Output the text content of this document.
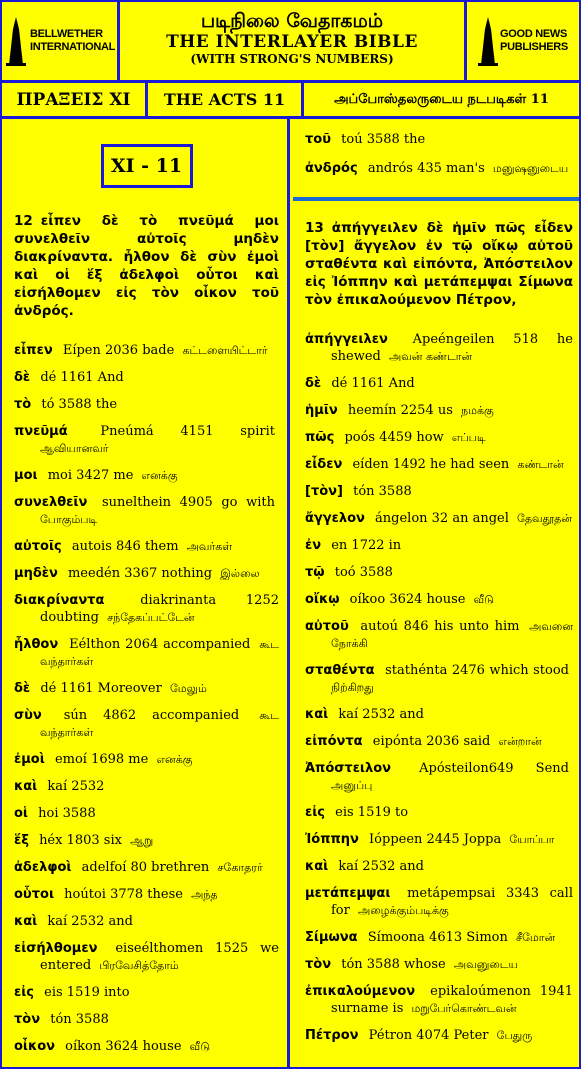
BELLWETHER
INTERNATIONAL
படிநிலை வேதாகமம்
THE INTERLAYER BIBLE
(WITH STRONG'S NUMBERS)
GOOD NEWS
PUBLISHERS
ΠΡΑΞΕΙΣ XI	THE ACTS 11	அப்போஸ்தலருடைய நடபடிகள் 11
XI - 11
12 εἶπεν δὲ τὸ πνεῦμά μοι συνελθεῖν αὐτοῖς μηδὲν διακρίναντα. ἦλθον δὲ σὺν ἐμοὶ καὶ οἱ ἕξ ἀδελφοὶ οὗτοι καὶ εἰσήλθομεν εἰς τὸν οἶκον τοῦ ἀνδρός.
εἶπεν Eípen 2036 bade கட்டளையிட்டார்
δὲ dé 1161 And
τὸ tó 3588 the
πνεῦμά	Pneúmá 4151 spirit ஆவியானவர்
μοι moi 3427 me எனக்கு
συνελθεῖν sunelthein 4905 go with போகும்படி
αὐτοῖς autois 846 them அவர்கள்
μηδὲν meedén 3367 nothing இல்லை
διακρίναντα	diakrinanta 1252 doubting சந்தேகப்பட்டேன்
ἦλθον Eélthon 2064 accompanied கூட வந்தார்கள்
δὲ dé 1161 Moreover மேலும்
σὺν sún 4862 accompanied கூட வந்தார்கள்
ἐμοὶ emoí 1698 me எனக்கு
καὶ kaí 2532
οἱ hoi 3588
ἕξ héx 1803 six ஆறு
ἀδελφοὶ adelfoí 80 brethren சகோதரர்
οὗτοι hoútoi 3778 these அந்த
καὶ kaí 2532 and
εἰσήλθομεν eiseélthomen 1525 we entered பிரவேசித்தோம்
εἰς eis 1519 into
τὸν tón 3588
οἶκον oíkon 3624 house வீடு
τοῦ toú 3588 the
ἀνδρός andrós 435 man's மனுஷனுடைய
13 ἀπήγγειλεν δὲ ἡμῖν πῶς εἶδεν [τὸν] ἄγγελον ἐν τῷ οἴκῳ αὐτοῦ σταθέντα καὶ εἰπόντα, Ἀπόστειλον εἰς Ἰόππην καὶ μετάπεμψαι Σίμωνα τὸν ἐπικαλούμενον Πέτρον,
ἀπήγγειλεν Apeéngeilen 518 he shewed அவன் கண்டான்
δὲ dé 1161 And
ἡμῖν heemín 2254 us நமக்கு
πῶς poós 4459 how எப்படி
εἶδεν eíden 1492 he had seen கண்டான்
[τὸν] tón 3588
ἄγγελον ángelon 32 an angel தேவதூதன்
ἐν en 1722 in
τῷ toó 3588
οἴκῳ oíkoo 3624 house வீடு
αὐτοῦ autoú 846 his unto him அவனை நோக்கி
σταθέντα stathénta 2476 which stood நிற்கிறது
καὶ kaí 2532 and
εἰπόντα eipónta 2036 said என்றான்
Ἀπόστειλον Apósteilon649 Send அனுப்பு
εἰς eis 1519 to
Ἰόππην Ióppeen 2445 Joppa யோப்பா
καὶ kaí 2532 and
μετάπεμψαι metápempsai 3343 call for அழைக்கும்படிக்கு
Σίμωνα Símoona 4613 Simon சீமோன்
τὸν tón 3588 whose அவனுடைய
ἐπικαλούμενον epikaloúmenon 1941 surname is மறுபேர்கொண்டவன்
Πέτρον Pétron 4074 Peter பேதுரு
